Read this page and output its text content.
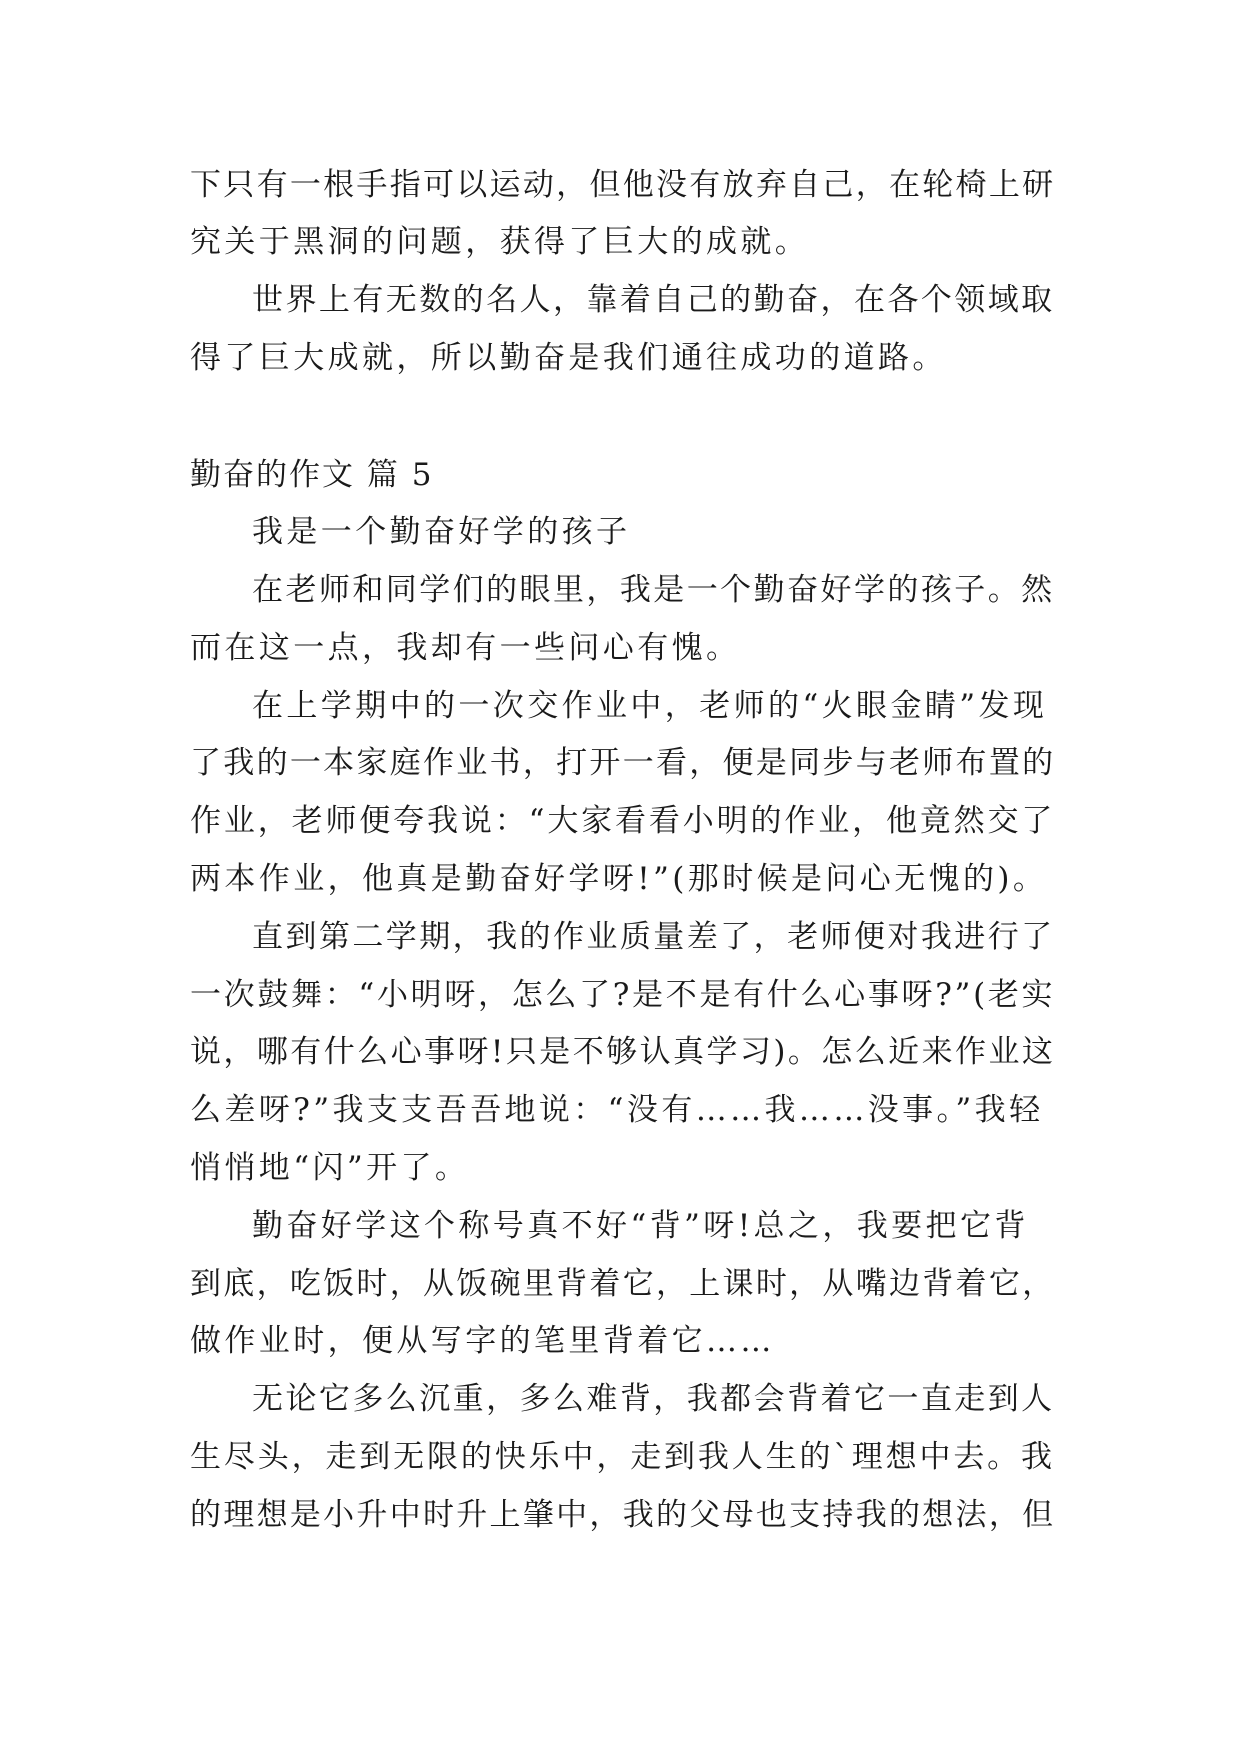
下只有一根手指可以运动，但他没有放弃自己，在轮椅上研
究关于黑洞的问题，获得了巨大的成就。
世界上有无数的名人，靠着自己的勤奋，在各个领域取
得了巨大成就，所以勤奋是我们通往成功的道路。
勤奋的作文 篇 5
我是一个勤奋好学的孩子
在老师和同学们的眼里，我是一个勤奋好学的孩子。然
而在这一点，我却有一些问心有愧。
在上学期中的一次交作业中，老师的“火眼金睛”发现
了我的一本家庭作业书，打开一看，便是同步与老师布置的
作业，老师便夸我说：“大家看看小明的作业，他竟然交了
两本作业，他真是勤奋好学呀!”(那时候是问心无愧的)。
直到第二学期，我的作业质量差了，老师便对我进行了
一次鼓舞：“小明呀，怎么了?是不是有什么心事呀?”(老实
说，哪有什么心事呀!只是不够认真学习)。怎么近来作业这
么差呀?”我支支吾吾地说：“没有……我……没事。”我轻
悄悄地“闪”开了。
勤奋好学这个称号真不好“背”呀!总之，我要把它背
到底，吃饭时，从饭碗里背着它，上课时，从嘴边背着它，
做作业时，便从写字的笔里背着它……
无论它多么沉重，多么难背，我都会背着它一直走到人
生尽头，走到无限的快乐中，走到我人生的`理想中去。我
的理想是小升中时升上肇中，我的父母也支持我的想法，但
